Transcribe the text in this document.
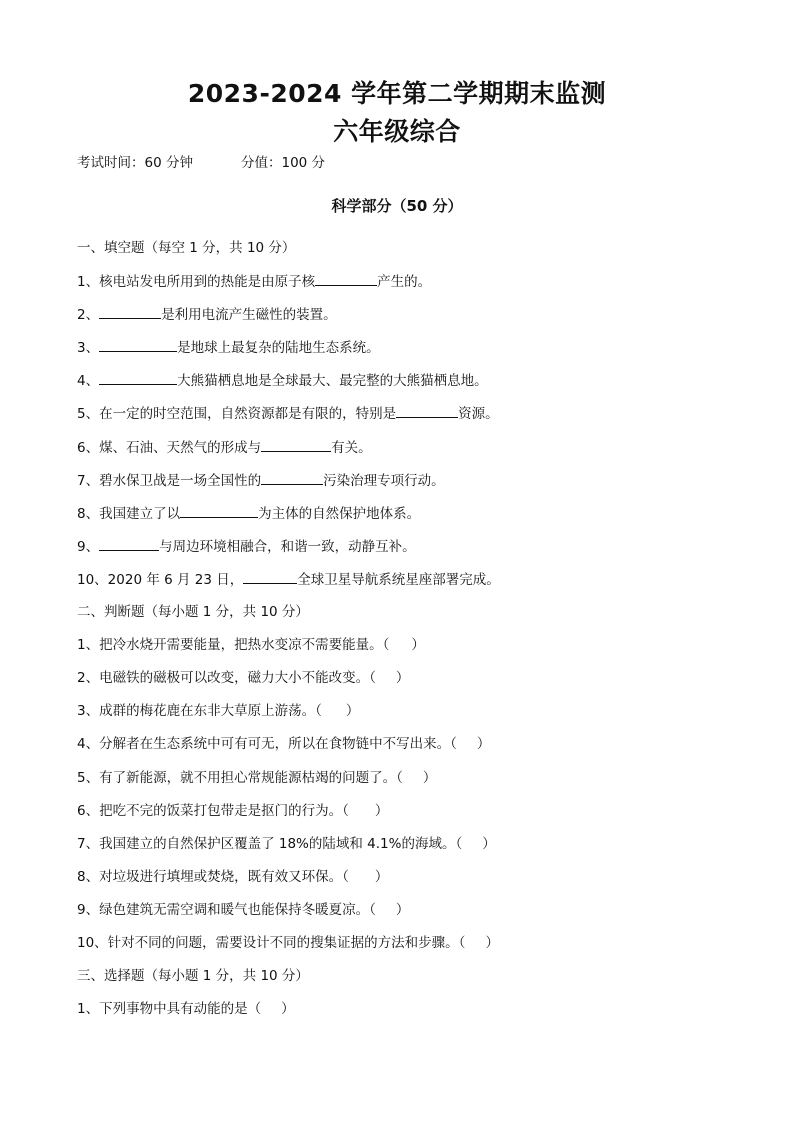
2023-2024 学年第二学期期末监测
六年级综合
考试时间：60 分钟	分值：100 分
科学部分（50 分）
一、填空题（每空 1 分，共 10 分）
1、核电站发电所用到的热能是由原子核	产生的。
2、	是利用电流产生磁性的装置。
3、	是地球上最复杂的陆地生态系统。
4、	大熊猫栖息地是全球最大、最完整的大熊猫栖息地。
5、在一定的时空范围，自然资源都是有限的，特别是	资源。
6、煤、石油、天然气的形成与	有关。
7、碧水保卫战是一场全国性的	污染治理专项行动。
8、我国建立了以	为主体的自然保护地体系。
9、	与周边环境相融合，和谐一致，动静互补。
10、2020 年 6 月 23 日，	全球卫星导航系统星座部署完成。
二、判断题（每小题 1 分，共 10 分）
1、把冷水烧开需要能量，把热水变凉不需要能量。（ ）
2、电磁铁的磁极可以改变，磁力大小不能改变。（ ）
3、成群的梅花鹿在东非大草原上游荡。（ ）
4、分解者在生态系统中可有可无，所以在食物链中不写出来。（ ）
5、有了新能源，就不用担心常规能源枯竭的问题了。（ ）
6、把吃不完的饭菜打包带走是抠门的行为。（ ）
7、我国建立的自然保护区覆盖了 18%的陆域和 4.1%的海域。（ ）
8、对垃圾进行填埋或焚烧，既有效又环保。（ ）
9、绿色建筑无需空调和暖气也能保持冬暖夏凉。（ ）
10、针对不同的问题，需要设计不同的搜集证据的方法和步骤。（ ）
三、选择题（每小题 1 分，共 10 分）
1、下列事物中具有动能的是（ ）
